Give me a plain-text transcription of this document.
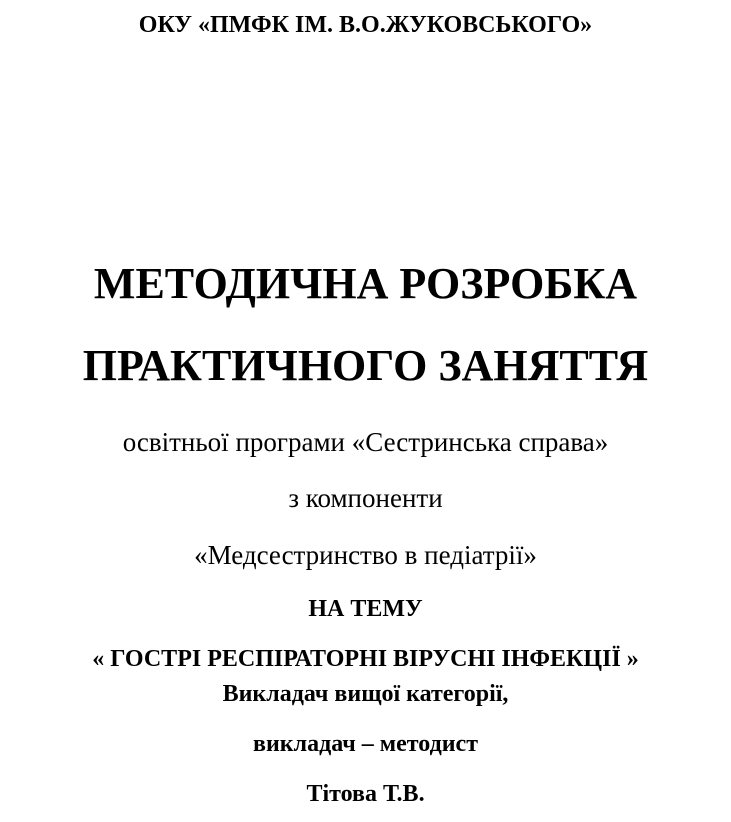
ОКУ «ПМФК ІМ. В.О.ЖУКОВСЬКОГО»
МЕТОДИЧНА РОЗРОБКА
ПРАКТИЧНОГО ЗАНЯТТЯ
освітньої програми «Сестринська справа»
з компоненти
«Медсестринство в педіатрії»
НА ТЕМУ
« ГОСТРІ РЕСПІРАТОРНІ ВІРУСНІ ІНФЕКЦІЇ »
Викладач вищої категорії,
викладач – методист
Тітова Т.В.
